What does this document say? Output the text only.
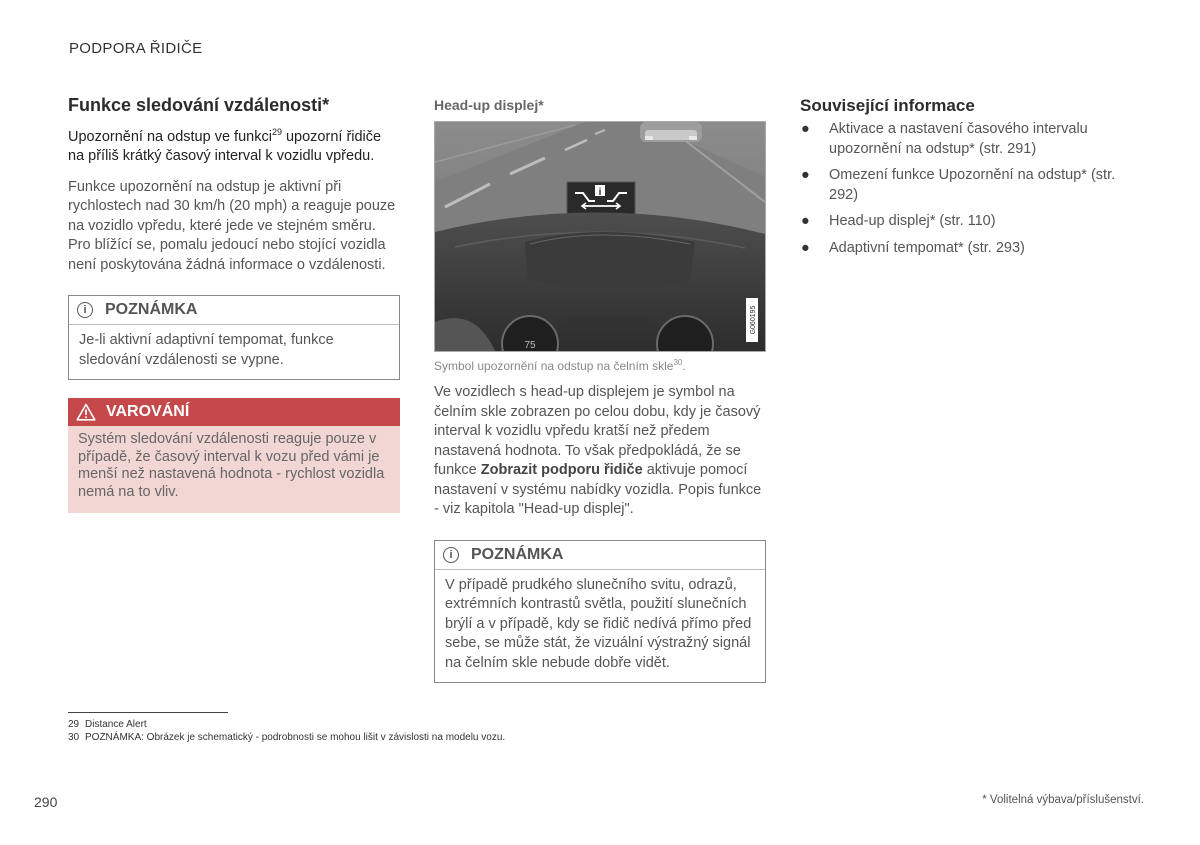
PODPORA ŘIDIČE
Funkce sledování vzdálenosti*

Upozornění na odstup ve funkci$^{29}$ upozorní řidiče na příliš krátký časový interval k vozidlu vpředu.

Funkce upozornění na odstup je aktivní při rychlostech nad 30 km/h (20 mph) a reaguje pouze na vozidlo vpředu, které jede ve stejném směru. Pro blížící se, pomalu jedoucí nebo stojící vozidla není poskytována žádná informace o vzdálenosti.

i	POZNÁMKA
Je-li aktivní adaptivní tempomat, funkce sledování vzdálenosti se vypne.
VAROVÁNÍ
Systém sledování vzdálenosti reaguje pouze v případě, že časový interval k vozu před vámi je menší než nastavená hodnota - rychlost vozidla nemá na to vliv.
Head-up displej*
i
75
G060195
Symbol upozornění na odstup na čelním skle$^{30}$.

Ve vozidlech s head-up displejem je symbol na čelním skle zobrazen po celou dobu, kdy je časový interval k vozidlu vpředu kratší než předem nastavená hodnota. To však předpokládá, že se funkce Zobrazit podporu řidiče aktivuje pomocí nastavení v systému nabídky vozidla. Popis funkce - viz kapitola "Head-up displej".

i	POZNÁMKA
V případě prudkého slunečního svitu, odrazů, extrémních kontrastů světla, použití slunečních brýlí a v případě, kdy se řidič nedívá přímo před sebe, se může stát, že vizuální výstražný signál na čelním skle nebude dobře vidět.
Související informace
● Aktivace a nastavení časového intervalu upozornění na odstup* (str. 291)
● Omezení funkce Upozornění na odstup* (str. 292)
● Head-up displej* (str. 110)
● Adaptivní tempomat* (str. 293)
29 Distance Alert
30 POZNÁMKA: Obrázek je schematický - podrobnosti se mohou lišit v závislosti na modelu vozu.
290	* Volitelná výbava/příslušenství.
